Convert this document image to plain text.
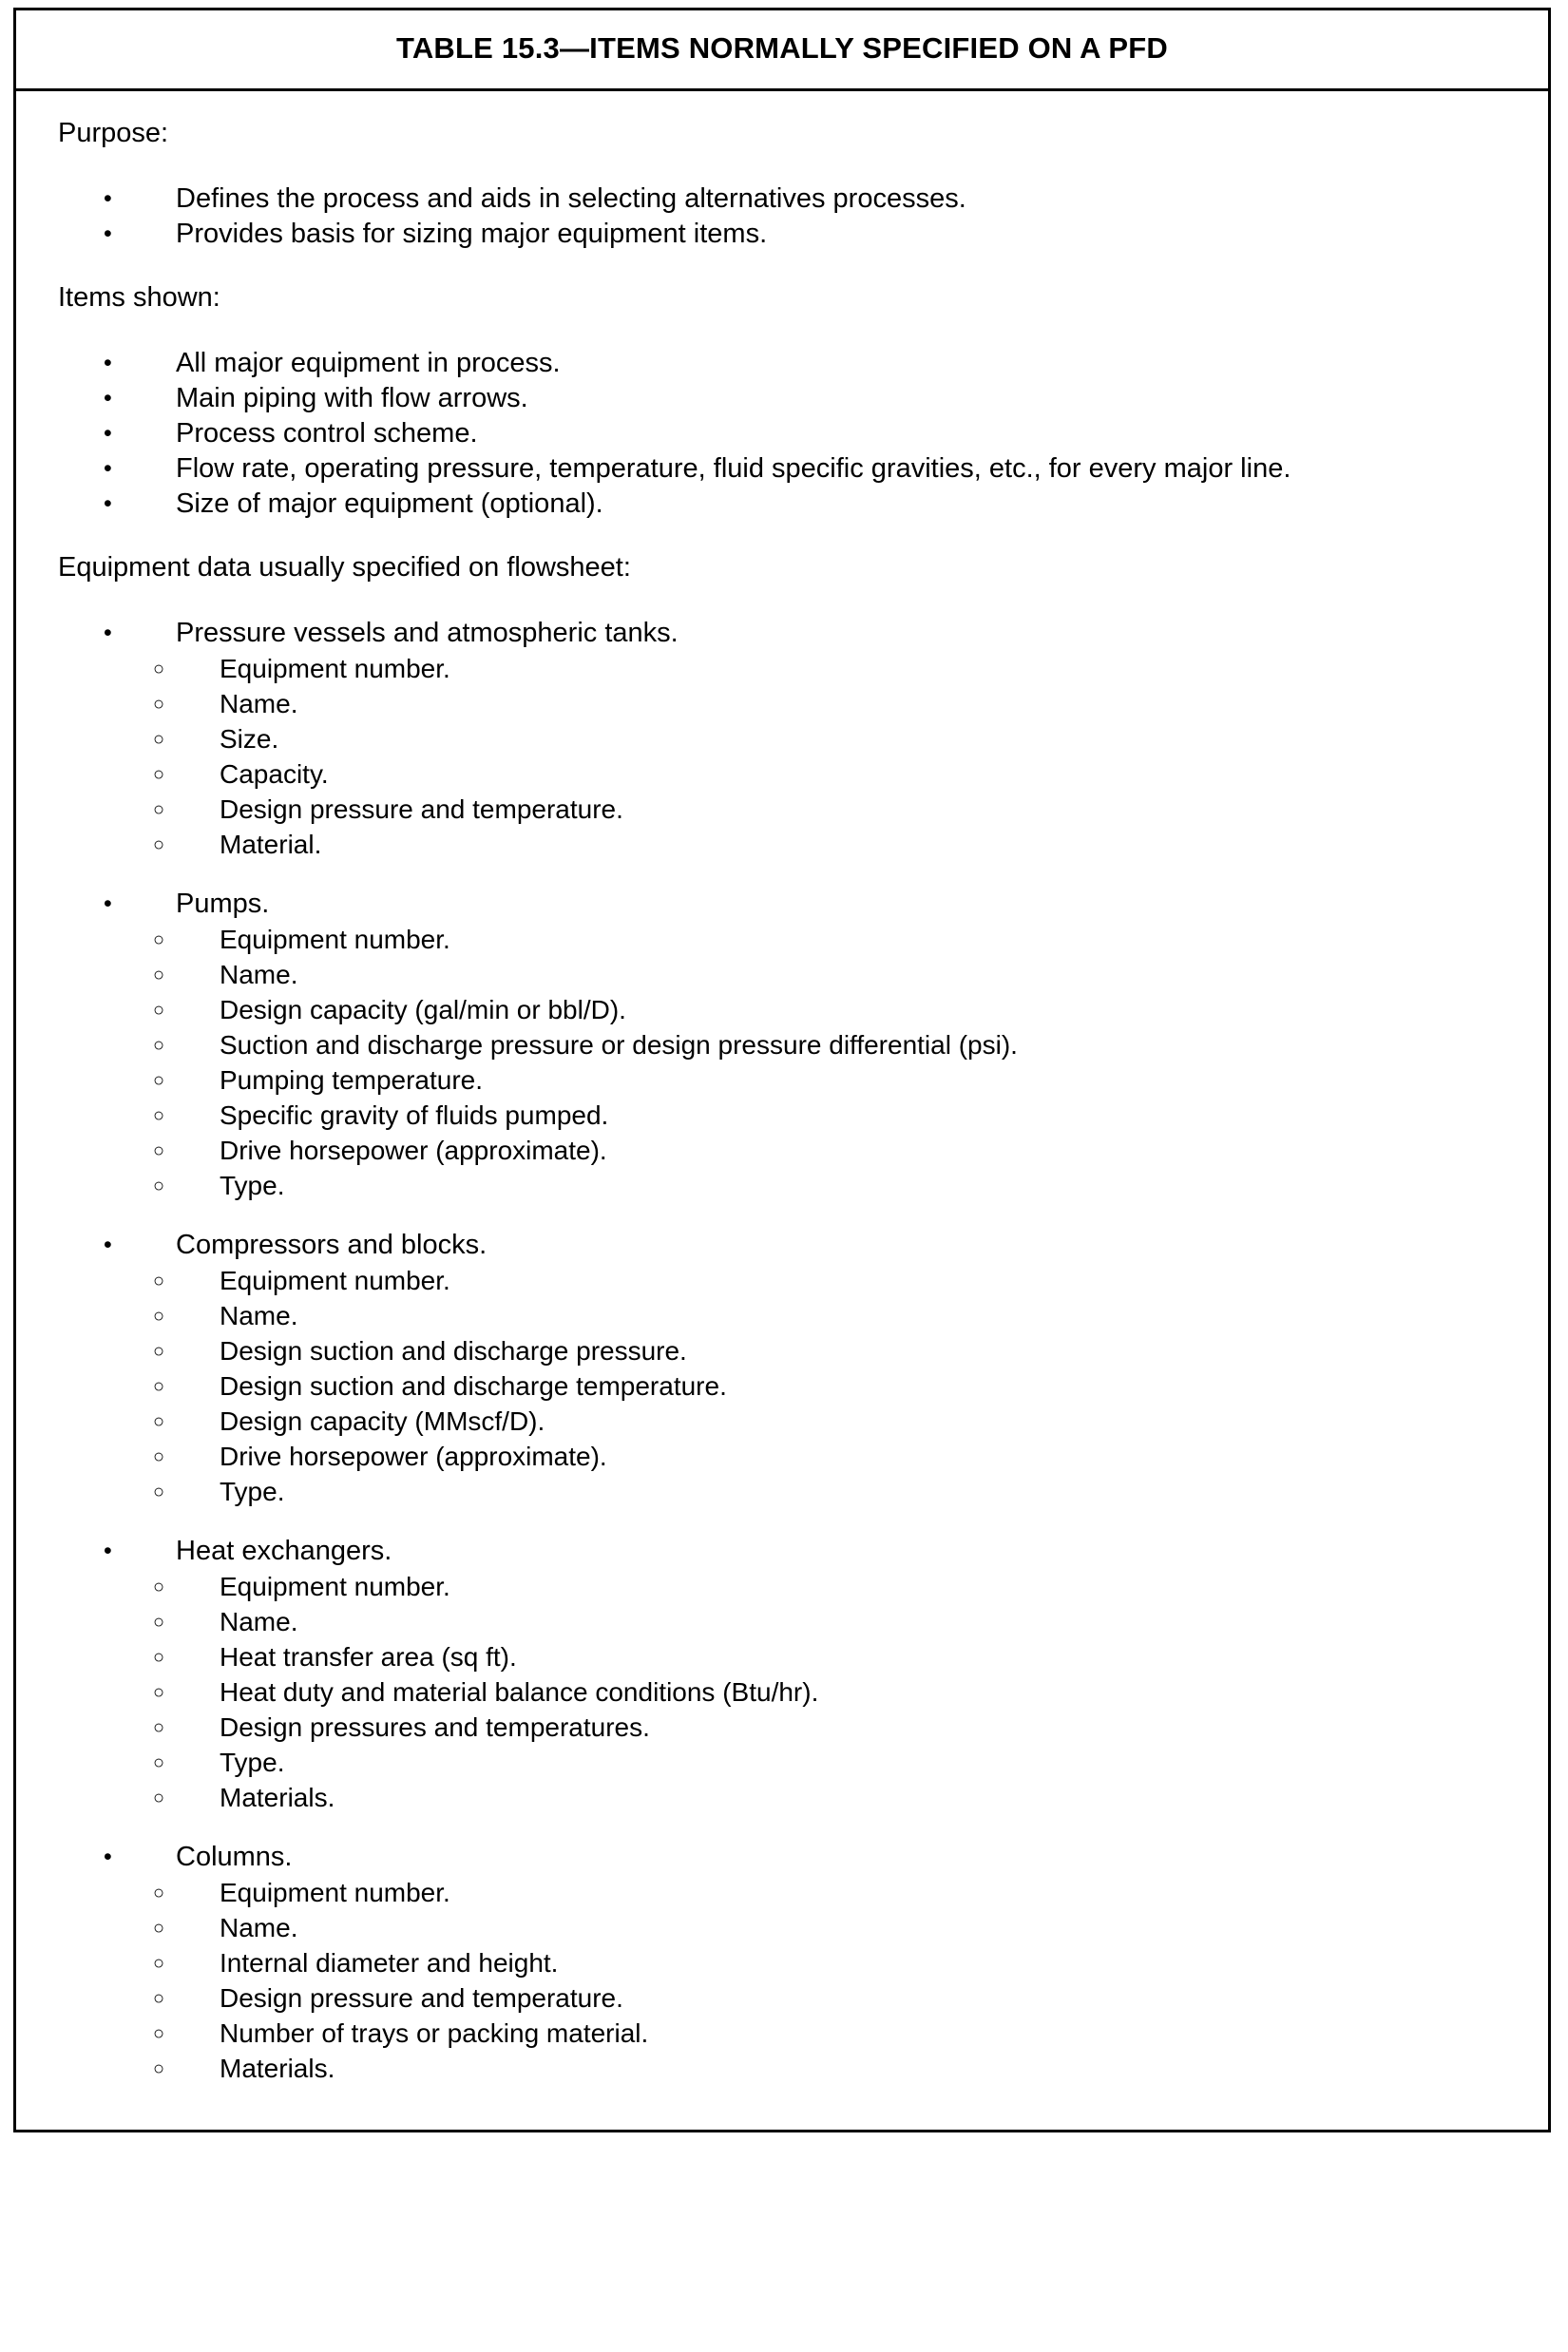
TABLE 15.3—ITEMS NORMALLY SPECIFIED ON A PFD

Purpose:

• Defines the process and aids in selecting alternatives processes.
• Provides basis for sizing major equipment items.

Items shown:

• All major equipment in process.
• Main piping with flow arrows.
• Process control scheme.
• Flow rate, operating pressure, temperature, fluid specific gravities, etc., for every major line.
• Size of major equipment (optional).

Equipment data usually specified on flowsheet:

• Pressure vessels and atmospheric tanks.
○ Equipment number.
○ Name.
○ Size.
○ Capacity.
○ Design pressure and temperature.
○ Material.
• Pumps.
○ Equipment number.
○ Name.
○ Design capacity (gal/min or bbl/D).
○ Suction and discharge pressure or design pressure differential (psi).
○ Pumping temperature.
○ Specific gravity of fluids pumped.
○ Drive horsepower (approximate).
○ Type.
• Compressors and blocks.
○ Equipment number.
○ Name.
○ Design suction and discharge pressure.
○ Design suction and discharge temperature.
○ Design capacity (MMscf/D).
○ Drive horsepower (approximate).
○ Type.
• Heat exchangers.
○ Equipment number.
○ Name.
○ Heat transfer area (sq ft).
○ Heat duty and material balance conditions (Btu/hr).
○ Design pressures and temperatures.
○ Type.
○ Materials.
• Columns.
○ Equipment number.
○ Name.
○ Internal diameter and height.
○ Design pressure and temperature.
○ Number of trays or packing material.
○ Materials.
